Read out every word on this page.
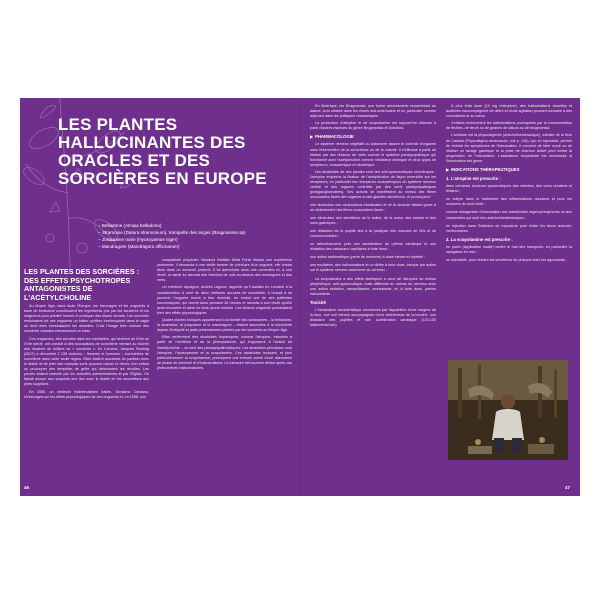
LES PLANTES HALLUCINANTES DES ORACLES ET DES SORCIÈRES EN EUROPE
– Belladone (Atropa belladona)
– Stramoine (Datura stramonium), trompette des anges (Brugmansia sp)
– Jusquiame noire (Hyoscyamus niger)
– Mandragore (Mandragora officinarum)
LES PLANTES DES SORCIÈRES : DES EFFETS PSYCHOTROPES ANTAGONISTES DE L'ACÉTYLCHOLINE

Au Moyen Âge, dans toute l'Europe, les breuvages et les onguents à base de belladone constituaient les ingrédients pris par les sorcières et les magiciens pour prédire l'avenir et pratiquer des rituels secrets. Les sorcières enduisaient de ces onguents un bâton qu'elles s'enfonçaient dans le vagin ou dont elles s'enduisaient les aisselles. C'est l'image bien connue des sorcières volantes chevauchant un balai.

Ces croyances, très ancrées dans les mentalités, qui sévirent du XIVe au XVIe siècle, ont conduit à des accusations de sorcellerie menant au bûcher des dizaines de milliers de « sorcières ». En Lorraine, Jacques Roehrig (2007) a dénombré 2 228 victimes – femmes et hommes – incriminées de sorcellerie dans cette seule région. Elles étaient accusées de pactiser avec le diable et de jeter des mauvais sorts pouvant causer le décès d'un enfant ou provoquer des tempêtes de grêle qui détruisaient les récoltes. Les procès étaient instruits par les autorités administratives et par l'Église. On faisait avouer aux suspects leur lien avec le diable en les soumettant aux pires supplices.

En 1550, un médecin mathématicien italien, Girolamo Cardano, s'interrogea sur les effets physiologiques de ces onguents et, en 1558, son

compatriote physicien Giovanni Battista Della Porta réalisa une expérience pertinente. Il demanda à une vieille femme de s'enduire d'un onguent, elle tomba alors dans un sommeil profond. Il lui administra alors une correction et, à son réveil, la dame lui raconta des histoires de vols au-dessus des montagnes et des mers.

Un médecin espagnol, Andrés Laguna, rapporte qu'il assista en Lorraine à la condamnation à mort de deux vieillards accusés de sorcellerie. Il réussit à se procurer l'onguent trouvé à leur domicile, en enduit une de ses patientes insomniaques, qui dormit alors pendant 36 heures et raconta à son réveil qu'elle avait rencontré et aimé un beau jeune homme. Les fameux onguents possédaient bien des effets physiologiques.

Quatre plantes toxiques appartenant à la famille des solanacées – la belladone, la stramoine, la jusquiame et la mandragore – étaient associées à la sorcellerie depuis l'Antiquité et jadis prétendument prisées par les sorcières au Moyen Âge.

Elles renferment des alcaloïdes tropaniques, comme l'atropine, élaborés à partir de l'ornithine et de la phénylalanine, qui s'opposent à l'action de l'acétylcholine – ce sont des parasympatholytiques. Les alcaloïdes principaux sont l'atropine, l'hyoscyamine et la scopolamine. Ces alcaloïdes toxiques, et plus particulièrement la scopolamine, provoquent une ivresse suivie d'une alternance de phase de sommeil et d'hallucinations. La mémoire fait souvent défaut après ces phénomènes hallucinatoires.

46

En Amérique, les Brugmansia, une forme arborescente ressemblant au datura, sont utilisés dans les rituels sud-américains et en particulier comme adjuvant dans les pratiques chamaniques.

La production d'atropine et de scopolamine est aujourd'hui obtenue à partir d'autres espèces du genre Brugmansia et Duboisia.

▶ PHARMACOLOGIE

Le système nerveux végétatif ou autonome assure le contrôle d'organes sans l'intervention de la conscience ou de la volonté. Il s'effectue à partir du réseau par des réseaux de nerfs comme le système parasympathique qui fonctionne avec l'acétylcholine comme médiateur chimique et deux types de récepteurs, muscarinique et nicotinique.

Les alcaloïdes de ces plantes sont des anti-spasmodiques neurotropes : l'atropine empêche la fixation de l'acétylcholine de façon réversible sur les récepteurs, en particulier les récepteurs muscariniques du système nerveux central et des organes contrôlés par des nerfs parasympathiques (postganglionnaires). Ses actions se manifestent au niveau des fibres musculaires lisses des organes et des glandes sécrétrices, et provoquent :

une diminution des contractions intestinales et de la vésicule biliaire grâce à un relâchement des fibres musculaires lisses ;
une diminution des sécrétions de la salive, de la sueur, des larmes et des sucs gastriques ;
une dilatation de la pupille due à la paralysie des muscles de l'iris et de l'accommodation ;
un ralentissement, puis une accélération du rythme cardiaque et une dilatation des vaisseaux capillaires à forte dose ;
une action antiémétique (perte de mémoire) à dose élevée et répétée ;
une excitation, des hallucinations et un délire à forte dose, toxique par action sur le système nerveux autonome du cerveau ;

La scopolamine a des effets identiques à ceux de l'atropine au niveau périphérique, anti-spasmodique, mais différents au niveau du cerveau avec une action sédative, tranquillisante, amnésiante, et, à forte dose, parfois hallucinante.

Toxicité

L'intoxication caractéristique commence par l'apparition d'une rougeur de la face, une soif intense accompagnée d'une sécheresse de la bouche, une dilatation des pupilles et une accélération cardiaque (120-150 battements/min).

À plus forte dose (10 mg d'atropine), des hallucinations visuelles et auditives s'accompagnent de délire et d'une agitation pouvant conduire à des convulsions et au coma.

Certains recherchent les hallucinations provoquées par la consommation de feuilles, de fleurs ou de graines de datura ou de brugmansia.

L'antidote est la physostigmine (anticholinestérasique), extraite de la fève de Calabar (Physostigma venenosum, voir p. 140), qui, en injectable, permet de réduire les symptômes de l'intoxication. Il convient de faire vomir ou de réaliser un lavage gastrique et la prise de charbon activé peut limiter la progression de l'intoxication. L'assistance respiratoire est nécessaire si l'intoxication est grave.

▶ INDICATIONS THÉRAPEUTIQUES
1. L'atropine est prescrite :
dans certaines douleurs spasmodiques des intestins, des voies urinaires et biliaires ;
en collyre dans le traitement des inflammations oculaires et pour les examens du fond d'œil ;
comme antagoniste d'intoxication aux insecticides organophosphorés ou aux carbamates qui sont des anticholinestérasiques ;
en injection dans l'infarctus du myocarde pour éviter les blocs auriculo-ventriculaires.
2. La scopolamine est prescrite :
en patch (application locale) contre le mal des transports, en particulier la navigation en mer ;
en injectable, pour réduire les sécrétions du pharynx chez les agonisants.
47
